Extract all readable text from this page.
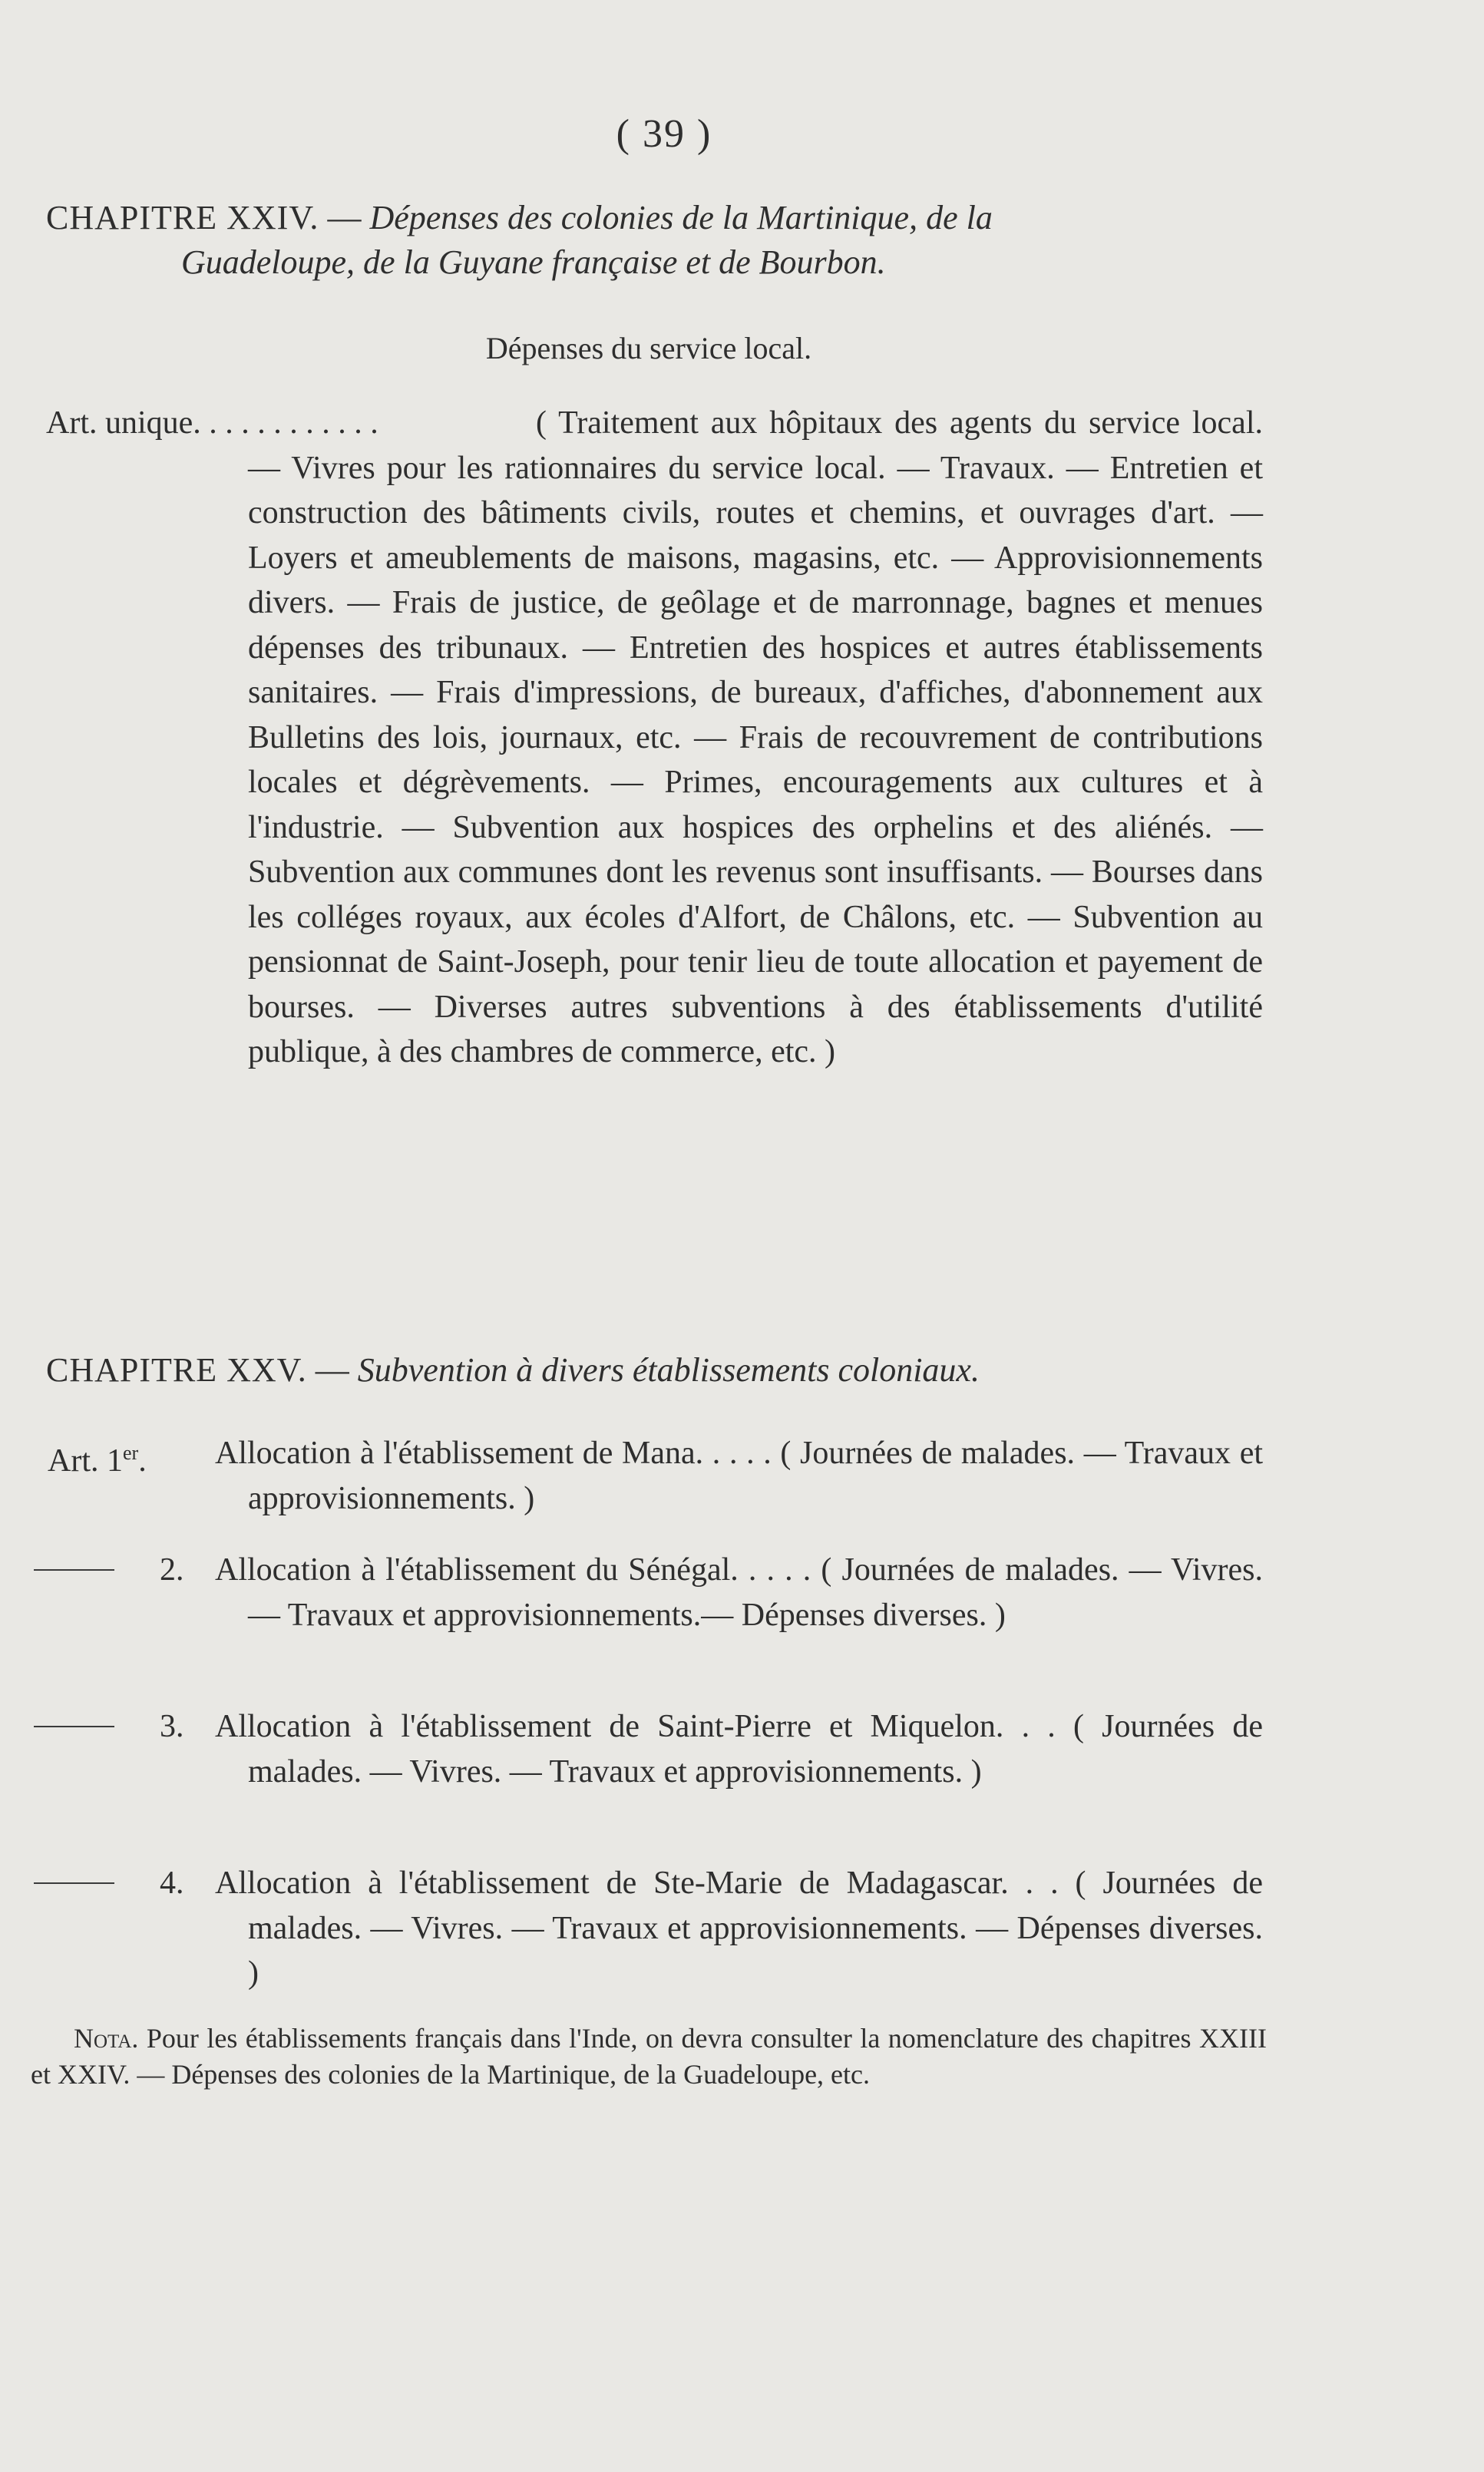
( 39 )
CHAPITRE XXIV. — Dépenses des colonies de la Martinique, de la
Guadeloupe, de la Guyane française et de Bourbon.
Dépenses du service local.
Art. unique. . . . . . . . . . . .	( Traitement aux hôpitaux des agents du service local. — Vivres pour les rationnaires du service local. — Travaux. — Entretien et construction des bâtiments civils, routes et chemins, et ouvrages d'art. — Loyers et ameublements de maisons, magasins, etc. — Approvisionnements divers. — Frais de justice, de geôlage et de marronnage, bagnes et menues dépenses des tribunaux. — Entretien des hospices et autres établissements sanitaires. — Frais d'impressions, de bureaux, d'affiches, d'abonnement aux Bulletins des lois, journaux, etc. — Frais de recouvrement de contributions locales et dégrèvements. — Primes, encouragements aux cultures et à l'industrie. — Subvention aux hospices des orphelins et des aliénés. — Subvention aux communes dont les revenus sont insuffisants. — Bourses dans les colléges royaux, aux écoles d'Alfort, de Châlons, etc. — Subvention au pensionnat de Saint-Joseph, pour tenir lieu de toute allocation et payement de bourses. — Diverses autres subventions à des établissements d'utilité publique, à des chambres de commerce, etc. )
CHAPITRE XXV. — Subvention à divers établissements coloniaux.
Art. 1er. Allocation à l'établissement de Mana. . . . . ( Journées de malades. — Travaux et approvisionnements. )
2. Allocation à l'établissement du Sénégal. . . . . ( Journées de malades. — Vivres. — Travaux et approvisionnements.— Dépenses diverses. )
3. Allocation à l'établissement de Saint-Pierre et Miquelon. . . ( Journées de malades. — Vivres. — Travaux et approvisionnements. )
4. Allocation à l'établissement de Ste-Marie de Madagascar. . . ( Journées de malades. — Vivres. — Travaux et approvisionnements. — Dépenses diverses. )
Nota. Pour les établissements français dans l'Inde, on devra consulter la nomenclature des chapitres XXIII et XXIV. — Dépenses des colonies de la Martinique, de la Guadeloupe, etc.
